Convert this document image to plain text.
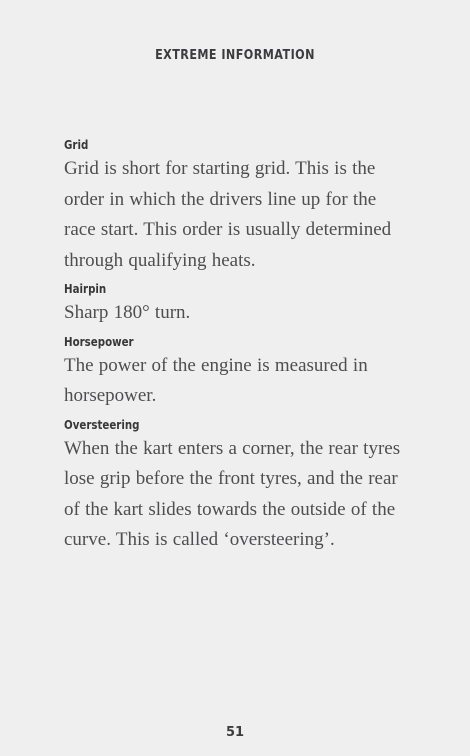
EXTREME INFORMATION

Grid

Grid is short for starting grid. This is the order in which the drivers line up for the race start. This order is usually determined through qualifying heats.

Hairpin

Sharp 180° turn.

Horsepower

The power of the engine is measured in horsepower.

Oversteering

When the kart enters a corner, the rear tyres lose grip before the front tyres, and the rear of the kart slides towards the outside of the curve. This is called ‘oversteering’.

51
